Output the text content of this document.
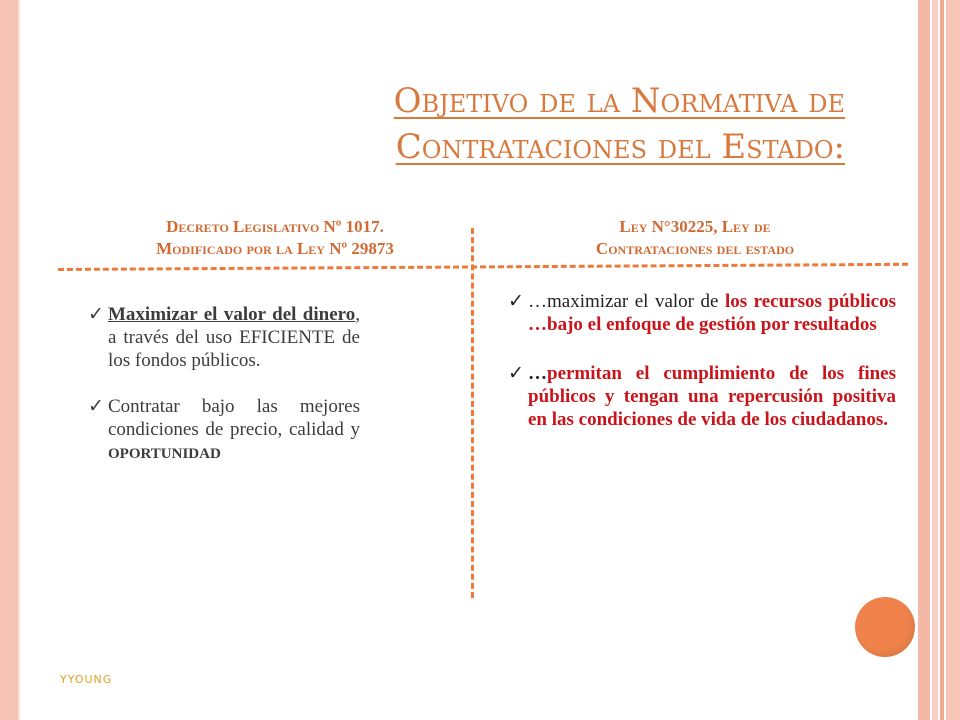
Objetivo de la Normativa de
Contrataciones del Estado:
Decreto Legislativo Nº 1017.
Modificado por la Ley Nº 29873
Ley N°30225, Ley de
Contrataciones del estado
✓ Maximizar el valor del dinero, a través del uso EFICIENTE de los fondos públicos.
✓ Contratar bajo las mejores condiciones de precio, calidad y OPORTUNIDAD
✓ …maximizar el valor de los recursos públicos …bajo el enfoque de gestión por resultados
✓ …permitan el cumplimiento de los fines públicos y tengan una repercusión positiva en las condiciones de vida de los ciudadanos.
YYOUNG
